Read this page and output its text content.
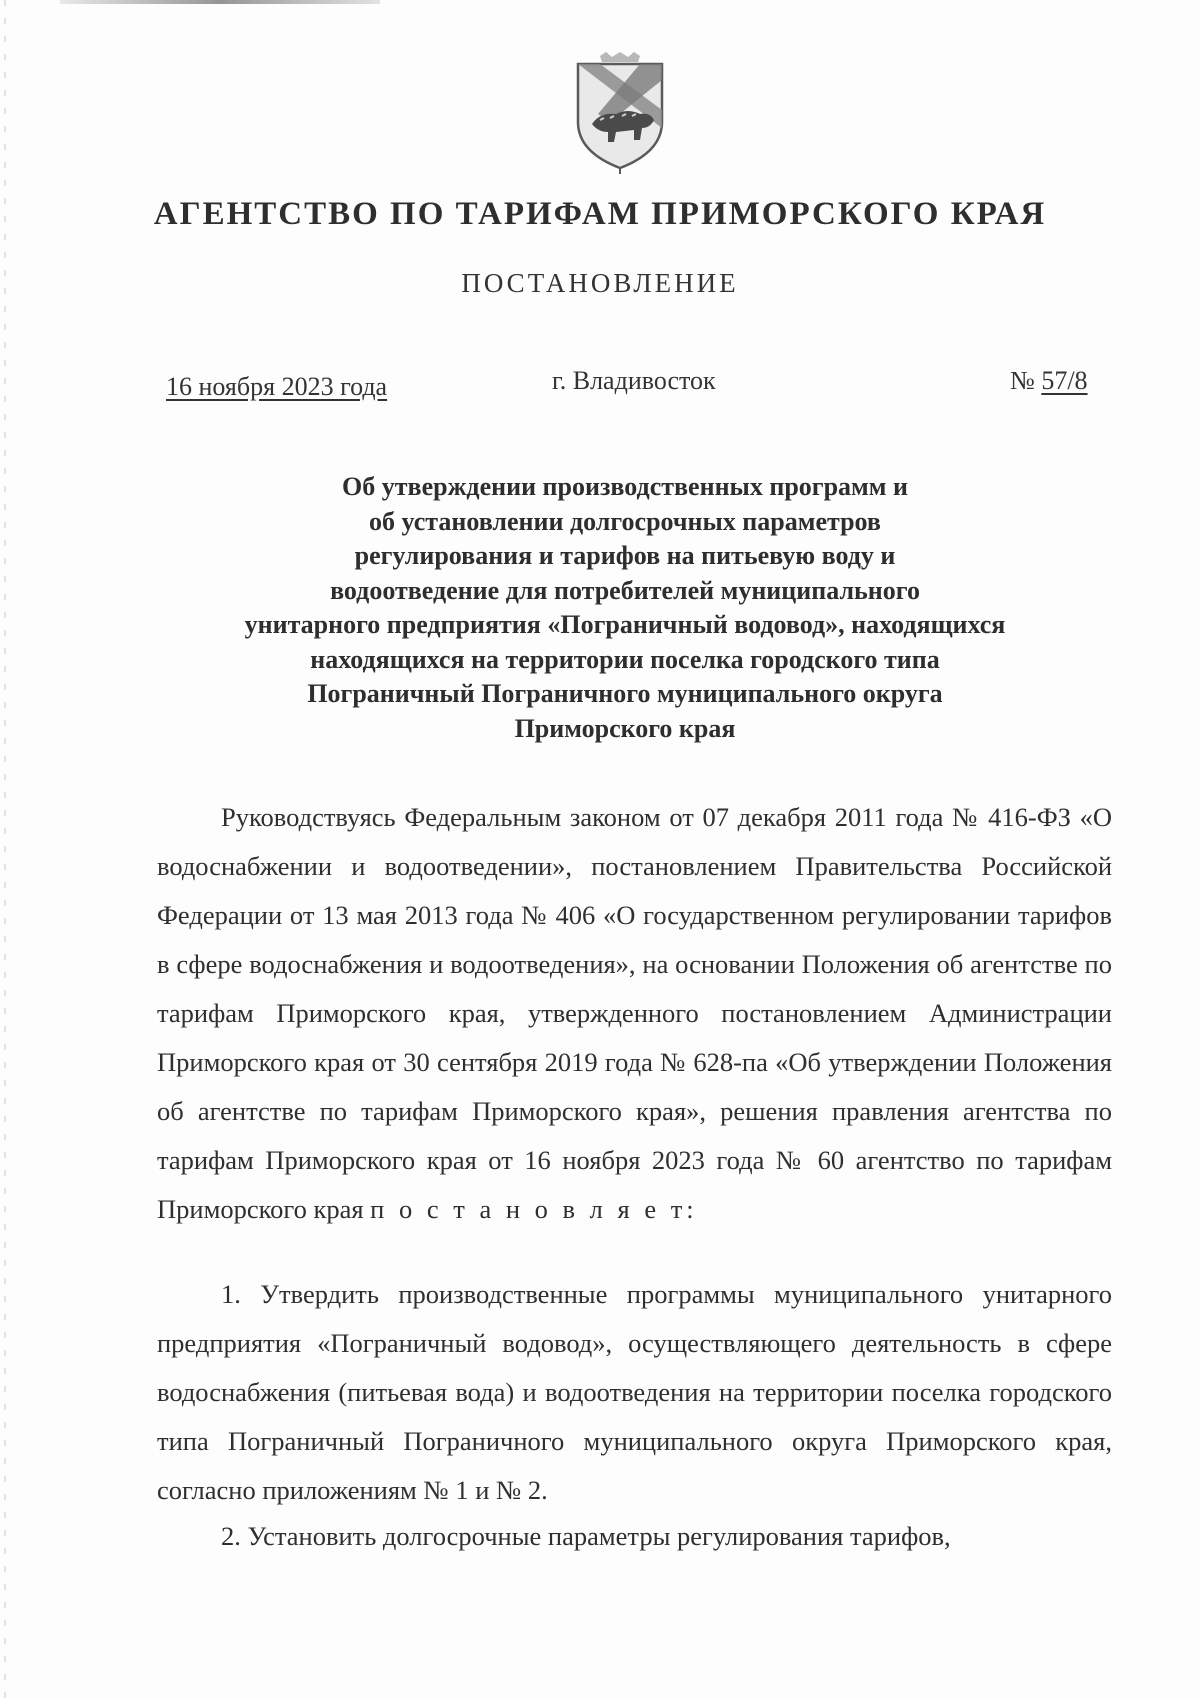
АГЕНТСТВО ПО ТАРИФАМ ПРИМОРСКОГО КРАЯ
ПОСТАНОВЛЕНИЕ
16 ноября 2023 года	г. Владивосток	№ 57/8
Об утверждении производственных программ и
об установлении долгосрочных параметров
регулирования и тарифов на питьевую воду и
водоотведение для потребителей муниципального
унитарного предприятия «Пограничный водовод», находящихся
находящихся на территории поселка городского типа
Пограничный Пограничного муниципального округа
Приморского края
Руководствуясь Федеральным законом от 07 декабря 2011 года № 416-ФЗ «О водоснабжении и водоотведении», постановлением Правительства Российской Федерации от 13 мая 2013 года № 406 «О государственном регулировании тарифов в сфере водоснабжения и водоотведения», на основании Положения об агентстве по тарифам Приморского края, утвержденного постановлением Администрации Приморского края от 30 сентября 2019 года № 628-па «Об утверждении Положения об агентстве по тарифам Приморского края», решения правления агентства по тарифам Приморского края от 16 ноября 2023 года № 60 агентство по тарифам Приморского края п о с т а н о в л я е т:
1. Утвердить производственные программы муниципального унитарного предприятия «Пограничный водовод», осуществляющего деятельность в сфере водоснабжения (питьевая вода) и водоотведения на территории поселка городского типа Пограничный Пограничного муниципального округа Приморского края, согласно приложениям № 1 и № 2.
2. Установить долгосрочные параметры регулирования тарифов,
